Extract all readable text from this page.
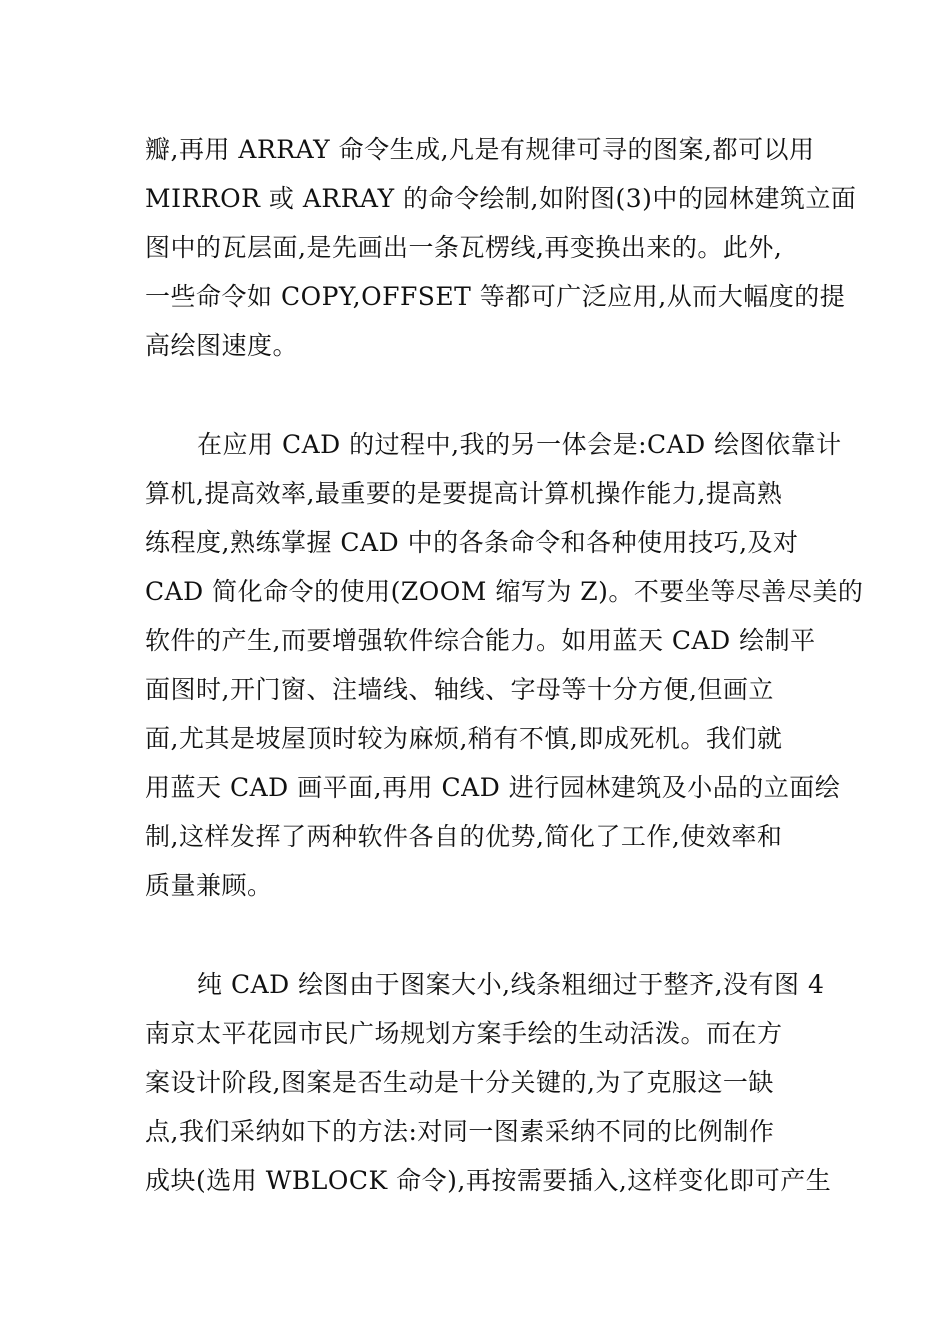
瓣,再用 ARRAY 命令生成,凡是有规律可寻的图案,都可以用
MIRROR 或 ARRAY 的命令绘制,如附图(3)中的园林建筑立面
图中的瓦层面,是先画出一条瓦楞线,再变换出来的。此外,
一些命令如 COPY,OFFSET 等都可广泛应用,从而大幅度的提
高绘图速度。
在应用 CAD 的过程中,我的另一体会是:CAD 绘图依靠计
算机,提高效率,最重要的是要提高计算机操作能力,提高熟
练程度,熟练掌握 CAD 中的各条命令和各种使用技巧,及对
CAD 简化命令的使用(ZOOM 缩写为 Z)。不要坐等尽善尽美的
软件的产生,而要增强软件综合能力。如用蓝天 CAD 绘制平
面图时,开门窗、注墙线、轴线、字母等十分方便,但画立
面,尤其是坡屋顶时较为麻烦,稍有不慎,即成死机。我们就
用蓝天 CAD 画平面,再用 CAD 进行园林建筑及小品的立面绘
制,这样发挥了两种软件各自的优势,简化了工作,使效率和
质量兼顾。
纯 CAD 绘图由于图案大小,线条粗细过于整齐,没有图 4
南京太平花园市民广场规划方案手绘的生动活泼。而在方
案设计阶段,图案是否生动是十分关键的,为了克服这一缺
点,我们采纳如下的方法:对同一图素采纳不同的比例制作
成块(选用 WBLOCK 命令),再按需要插入,这样变化即可产生
